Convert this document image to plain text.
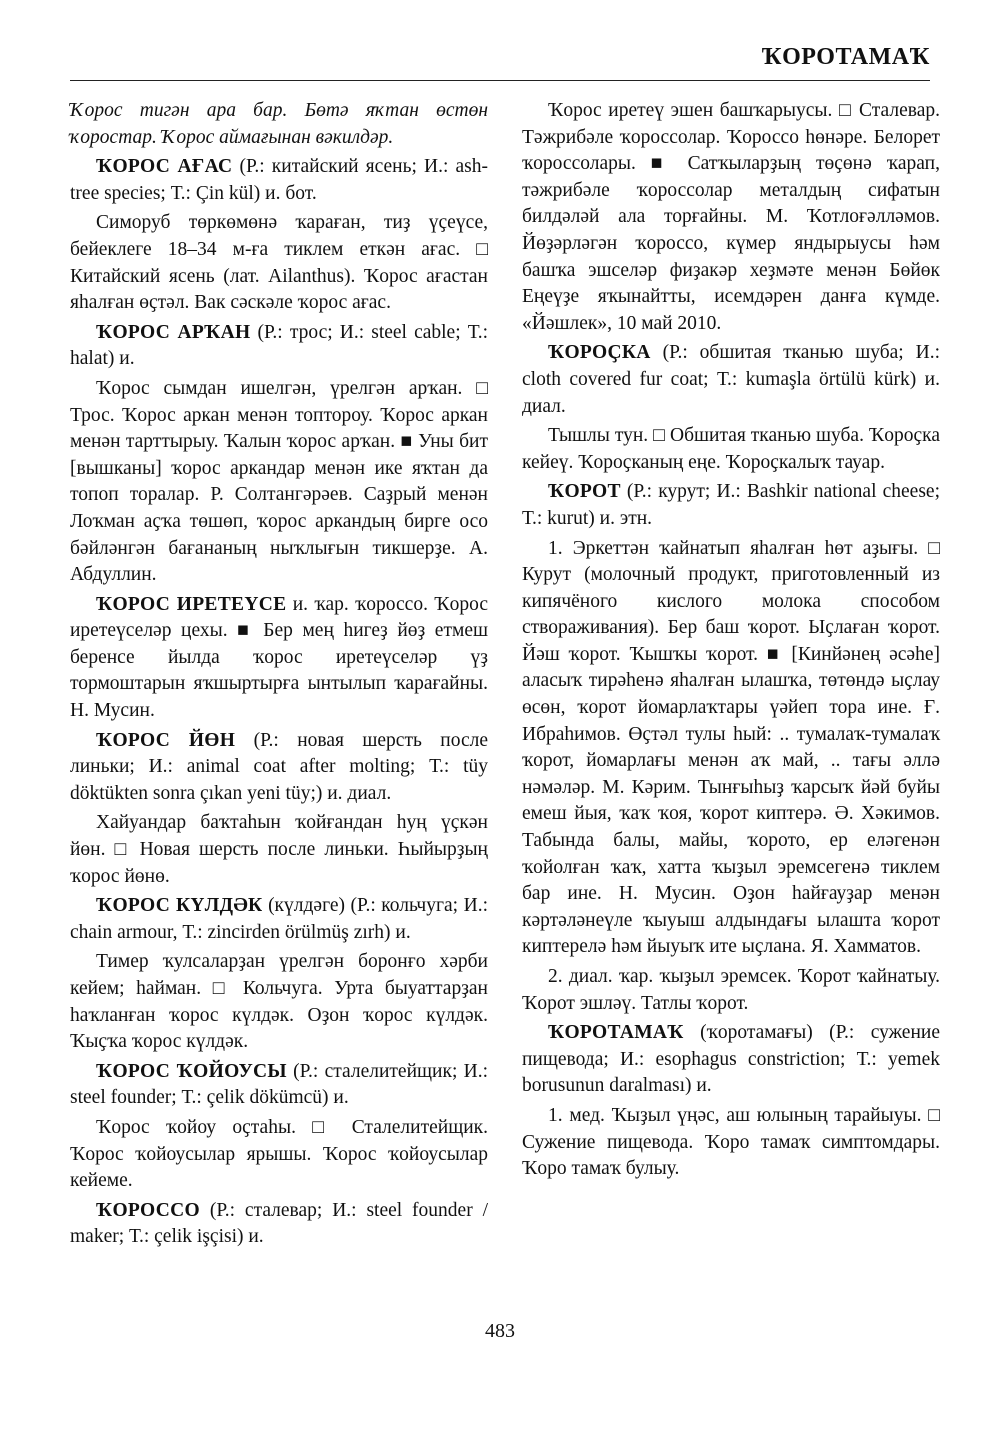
ҠОРОТАМАҠ

Ҡорос тигән ара бар. Бөтә яҡтан өстөн ҡоростар. Ҡорос аймағынан вәкилдәр.

ҠОРОС АҒАС (Р.: китайский ясень; И.: ash-tree species; Т.: Çin kül) и. бот.

Симоруб төркөмөнә ҡараған, тиҙ үҫеүсе, бейеклеге 18–34 м-ға тиклем еткән ағас. □ Китайский ясень (лат. Ailanthus). Ҡорос ағастан яһалған өҫтәл. Вак сәскәле ҡорос ағас.

ҠОРОС АРҠАН (Р.: трос; И.: steel cable; Т.: halat) и.

Ҡорос сымдан ишелгән, үрелгән арҡан. □ Трос. Ҡорос аркан менән топтороу. Ҡорос аркан менән тарттырыу. Ҡалын ҡорос арҡан. ■ Уны бит [вышканы] ҡорос аркандар менән ике яҡтан да топоп торалар. Р. Солтангәрәев. Саҙрый менән Лоҡман аҫҡа төшөп, ҡорос аркандың бирге осо бәйләнгән бағананың ныҡлығын тикшерҙе. А. Абдуллин.

ҠОРОС ИРЕТЕҮСЕ и. ҡар. ҡороссо. Ҡорос иретеүселәр цехы. ■ Бер мең һигеҙ йөҙ етмеш беренсе йылда ҡорос иретеүселәр үҙ тормоштарын яҡшыртырға ынтылып ҡарағайны. Н. Мусин.

ҠОРОС ЙӨН (Р.: новая шерсть после линьки; И.: animal coat after molting; Т.: tüy döktükten sonra çıkan yeni tüy;) и. диал.

Хайуандар баҡтаһын ҡойғандан һуң үҫкән йөн. □ Новая шерсть после линьки. Һыйырҙың ҡорос йөнө.

ҠОРОС КҮЛДӘК (күлдәге) (Р.: кольчуга; И.: chain armour, Т.: zincirden örülmüş zırh) и.

Тимер ҡулсаларҙан үрелгән боронғо хәрби кейем; һайман. □ Кольчуга. Урта быуаттарҙан һаҡланған ҡорос күлдәк. Оҙон ҡорос күлдәк. Ҡыҫҡа ҡорос күлдәк.

ҠОРОС ҠОЙОУСЫ (Р.: сталелитейщик; И.: steel founder; Т.: çelik dökümcü) и.

Ҡорос ҡойоу оҫтаһы. □ Сталелитейщик. Ҡорос ҡойоусылар ярышы. Ҡорос ҡойоусылар кейеме.

ҠОРОССО (Р.: сталевар; И.: steel founder / maker; Т.: çelik işçisi) и.

Ҡорос иретеү эшен башҡарыусы. □ Сталевар. Тәжрибәле ҡороссолар. Ҡороссо һөнәре. Белорет ҡороссолары. ■ Сатҡыларҙың төҫөнә ҡарап, тәжрибәле ҡороссолар металдың сифатын билдәләй ала торғайны. М. Ҡотлоғәлләмов. Йөҙәрләгән ҡороссо, күмер яндырыусы һәм башҡа эшселәр фиҙакәр хеҙмәте менән Бөйөк Еңеүҙе яҡынайтты, исемдәрен данға күмде. «Йәшлек», 10 май 2010.

ҠОРОҪКА (Р.: обшитая тканью шуба; И.: cloth covered fur coat; Т.: kumaşla örtülü kürk) и. диал.

Тышлы тун. □ Обшитая тканью шуба. Ҡороҫка кейеү. Ҡороҫканың еңе. Ҡороҫкалыҡ тауар.

ҠОРОТ (Р.: курут; И.: Bashkir national cheese; Т.: kurut) и. этн.

1. Эркеттән ҡайнатып яһалған һөт аҙығы. □ Курут (молочный продукт, приготовленный из кипячёного кислого молока способом створаживания). Бер баш ҡорот. Ыҫлаған ҡорот. Йәш ҡорот. Ҡышҡы ҡорот. ■ [Кинйәнең әсәһе] аласыҡ тирәһенә яһалған ылашҡа, төтөндә ыҫлау өсөн, ҡорот йомарлаҡтары үәйеп тора ине. Ғ. Ибраһимов. Өҫтәл тулы һый: .. тумалаҡ-тумалаҡ ҡорот, йомарлағы менән аҡ май, .. тағы әллә нәмәләр. М. Кәрим. Тынғыһыҙ ҡарсыҡ йәй буйы емеш йыя, ҡаҡ ҡоя, ҡорот киптерә. Ә. Хәкимов. Табында балы, майы, ҡорото, ер еләгенән ҡойолған ҡаҡ, хатта ҡыҙыл эремсегенә тиклем бар ине. Н. Мусин. Оҙон һайғауҙар менән кәртәләнеүле ҡыуыш алдындағы ылашта ҡорот киптерелә һәм йыуыҡ ите ыҫлана. Я. Хамматов.

2. диал. ҡар. ҡыҙыл эремсек. Ҡорот ҡайнатыу. Ҡорот эшләү. Татлы ҡорот.

ҠОРОТАМАҠ (ҡоротамағы) (Р.: сужение пищевода; И.: esophagus constriction; Т.: yemek borusunun daralması) и.

1. мед. Ҡыҙыл үңәс, аш юлының тарайыуы. □ Сужение пищевода. Ҡоро тамаҡ симптомдары. Ҡоро тамаҡ булыу.

483
